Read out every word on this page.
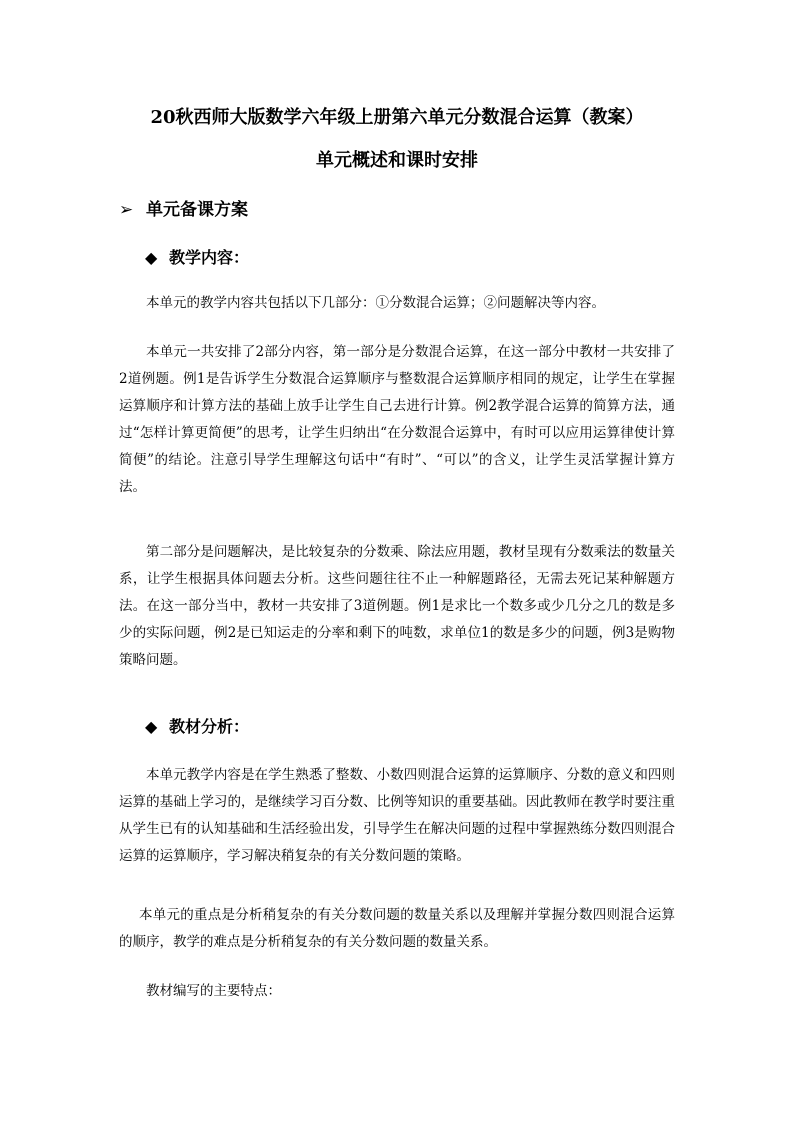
20秋西师大版数学六年级上册第六单元分数混合运算（教案）
单元概述和课时安排
➢ 单元备课方案
◆ 教学内容：

本单元的教学内容共包括以下几部分：①分数混合运算；②问题解决等内容。

本单元一共安排了2部分内容，第一部分是分数混合运算，在这一部分中教材一共安排了2道例题。例1是告诉学生分数混合运算顺序与整数混合运算顺序相同的规定，让学生在掌握运算顺序和计算方法的基础上放手让学生自己去进行计算。例2教学混合运算的简算方法，通过“怎样计算更简便”的思考，让学生归纳出“在分数混合运算中，有时可以应用运算律使计算简便”的结论。注意引导学生理解这句话中“有时”、“可以”的含义，让学生灵活掌握计算方法。

第二部分是问题解决，是比较复杂的分数乘、除法应用题，教材呈现有分数乘法的数量关系，让学生根据具体问题去分析。这些问题往往不止一种解题路径，无需去死记某种解题方法。在这一部分当中，教材一共安排了3道例题。例1是求比一个数多或少几分之几的数是多少的实际问题，例2是已知运走的分率和剩下的吨数，求单位1的数是多少的问题，例3是购物策略问题。

◆ 教材分析：

本单元教学内容是在学生熟悉了整数、小数四则混合运算的运算顺序、分数的意义和四则运算的基础上学习的，是继续学习百分数、比例等知识的重要基础。因此教师在教学时要注重从学生已有的认知基础和生活经验出发，引导学生在解决问题的过程中掌握熟练分数四则混合运算的运算顺序，学习解决稍复杂的有关分数问题的策略。

本单元的重点是分析稍复杂的有关分数问题的数量关系以及理解并掌握分数四则混合运算的顺序，教学的难点是分析稍复杂的有关分数问题的数量关系。

教材编写的主要特点：
